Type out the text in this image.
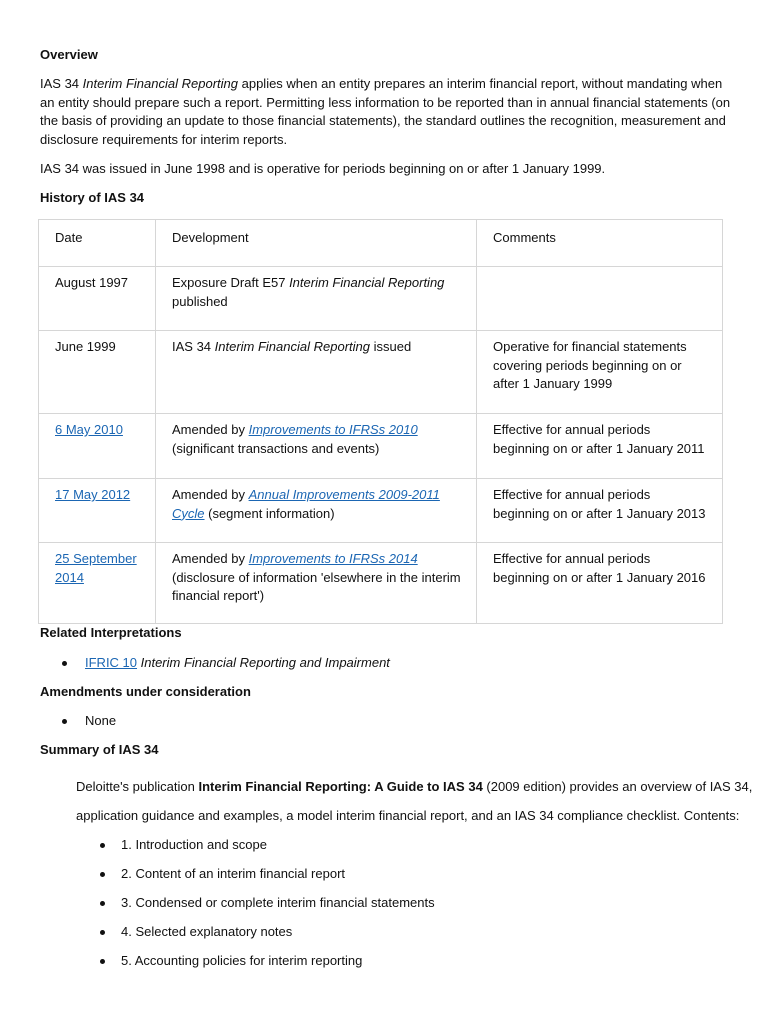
Overview

IAS 34 Interim Financial Reporting applies when an entity prepares an interim financial report, without mandating when an entity should prepare such a report. Permitting less information to be reported than in annual financial statements (on the basis of providing an update to those financial statements), the standard outlines the recognition, measurement and disclosure requirements for interim reports.

IAS 34 was issued in June 1998 and is operative for periods beginning on or after 1 January 1999.
History of IAS 34
Date	Development	Comments
August 1997	Exposure Draft E57 Interim Financial Reporting published	
June 1999	IAS 34 Interim Financial Reporting issued	Operative for financial statements covering periods beginning on or after 1 January 1999
6 May 2010	Amended by Improvements to IFRSs 2010 (significant transactions and events)	Effective for annual periods beginning on or after 1 January 2011
17 May 2012	Amended by Annual Improvements 2009-2011 Cycle (segment information)	Effective for annual periods beginning on or after 1 January 2013
25 September 2014	Amended by Improvements to IFRSs 2014 (disclosure of information 'elsewhere in the interim financial report')	Effective for annual periods beginning on or after 1 January 2016
Related Interpretations
IFRIC 10 Interim Financial Reporting and Impairment
Amendments under consideration
None
Summary of IAS 34
Deloitte's publication Interim Financial Reporting: A Guide to IAS 34 (2009 edition) provides an overview of IAS 34,
application guidance and examples, a model interim financial report, and an IAS 34 compliance checklist. Contents:
1. Introduction and scope
2. Content of an interim financial report
3. Condensed or complete interim financial statements
4. Selected explanatory notes
5. Accounting policies for interim reporting
